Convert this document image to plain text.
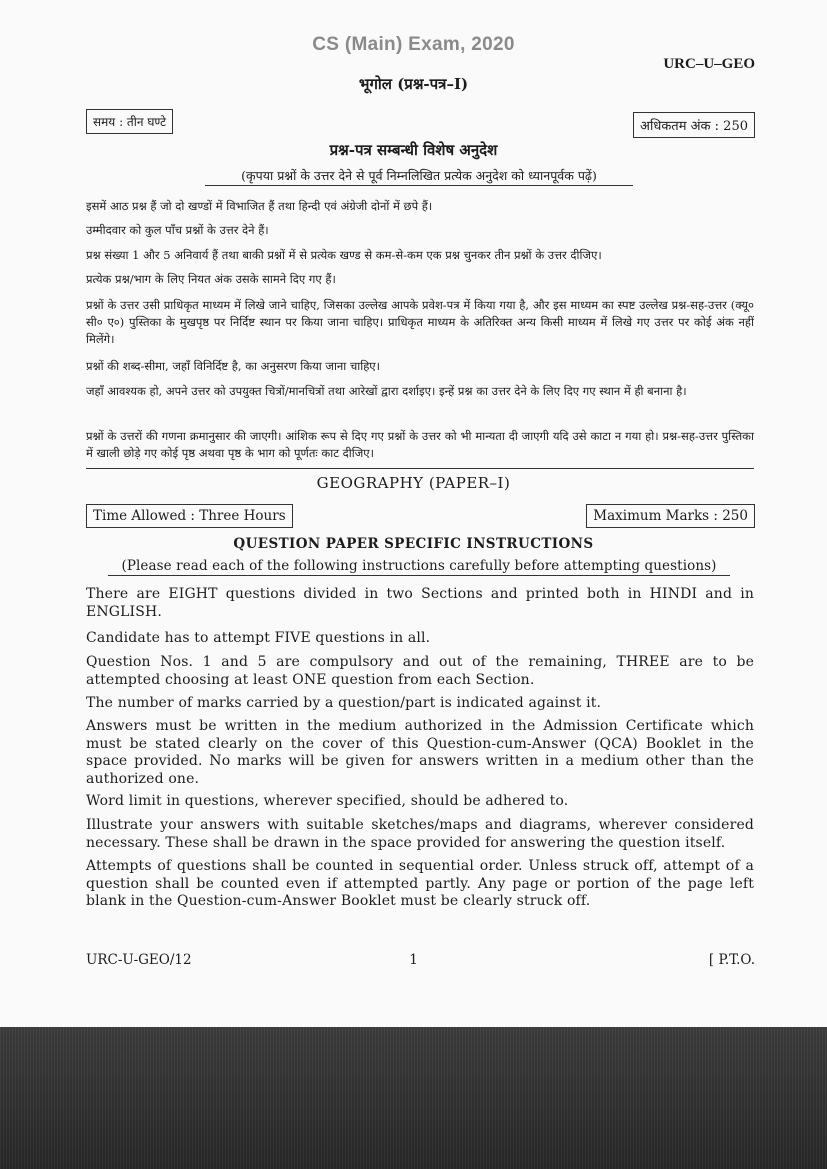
CS (Main) Exam, 2020
URC–U–GEO
भूगोल (प्रश्न-पत्र–I)
समय : तीन घण्टे	अधिकतम अंक : 250
प्रश्न-पत्र सम्बन्धी विशेष अनुदेश
(कृपया प्रश्नों के उत्तर देने से पूर्व निम्नलिखित प्रत्येक अनुदेश को ध्यानपूर्वक पढ़ें)
इसमें आठ प्रश्न हैं जो दो खण्डों में विभाजित हैं तथा हिन्दी एवं अंग्रेजी दोनों में छपे हैं।
उम्मीदवार को कुल पाँच प्रश्नों के उत्तर देने हैं।
प्रश्न संख्या 1 और 5 अनिवार्य हैं तथा बाकी प्रश्नों में से प्रत्येक खण्ड से कम-से-कम एक प्रश्न चुनकर तीन प्रश्नों के उत्तर दीजिए।
प्रत्येक प्रश्न/भाग के लिए नियत अंक उसके सामने दिए गए हैं।
प्रश्नों के उत्तर उसी प्राधिकृत माध्यम में लिखे जाने चाहिए, जिसका उल्लेख आपके प्रवेश-पत्र में किया गया है, और इस माध्यम का स्पष्ट उल्लेख प्रश्न-सह-उत्तर (क्यू० सी० ए०) पुस्तिका के मुखपृष्ठ पर निर्दिष्ट स्थान पर किया जाना चाहिए। प्राधिकृत माध्यम के अतिरिक्त अन्य किसी माध्यम में लिखे गए उत्तर पर कोई अंक नहीं मिलेंगे।
प्रश्नों की शब्द-सीमा, जहाँ विनिर्दिष्ट है, का अनुसरण किया जाना चाहिए।
जहाँ आवश्यक हो, अपने उत्तर को उपयुक्त चित्रों/मानचित्रों तथा आरेखों द्वारा दर्शाइए। इन्हें प्रश्न का उत्तर देने के लिए दिए गए स्थान में ही बनाना है।
प्रश्नों के उत्तरों की गणना क्रमानुसार की जाएगी। आंशिक रूप से दिए गए प्रश्नों के उत्तर को भी मान्यता दी जाएगी यदि उसे काटा न गया हो। प्रश्न-सह-उत्तर पुस्तिका में खाली छोड़े गए कोई पृष्ठ अथवा पृष्ठ के भाग को पूर्णतः काट दीजिए।
GEOGRAPHY (PAPER–I)
Time Allowed : Three Hours	Maximum Marks : 250
QUESTION PAPER SPECIFIC INSTRUCTIONS
(Please read each of the following instructions carefully before attempting questions)
There are EIGHT questions divided in two Sections and printed both in HINDI and in ENGLISH.
Candidate has to attempt FIVE questions in all.
Question Nos. 1 and 5 are compulsory and out of the remaining, THREE are to be attempted choosing at least ONE question from each Section.
The number of marks carried by a question/part is indicated against it.
Answers must be written in the medium authorized in the Admission Certificate which must be stated clearly on the cover of this Question-cum-Answer (QCA) Booklet in the space provided. No marks will be given for answers written in a medium other than the authorized one.
Word limit in questions, wherever specified, should be adhered to.
Illustrate your answers with suitable sketches/maps and diagrams, wherever considered necessary. These shall be drawn in the space provided for answering the question itself.
Attempts of questions shall be counted in sequential order. Unless struck off, attempt of a question shall be counted even if attempted partly. Any page or portion of the page left blank in the Question-cum-Answer Booklet must be clearly struck off.
URC-U-GEO/12	1	[ P.T.O.
